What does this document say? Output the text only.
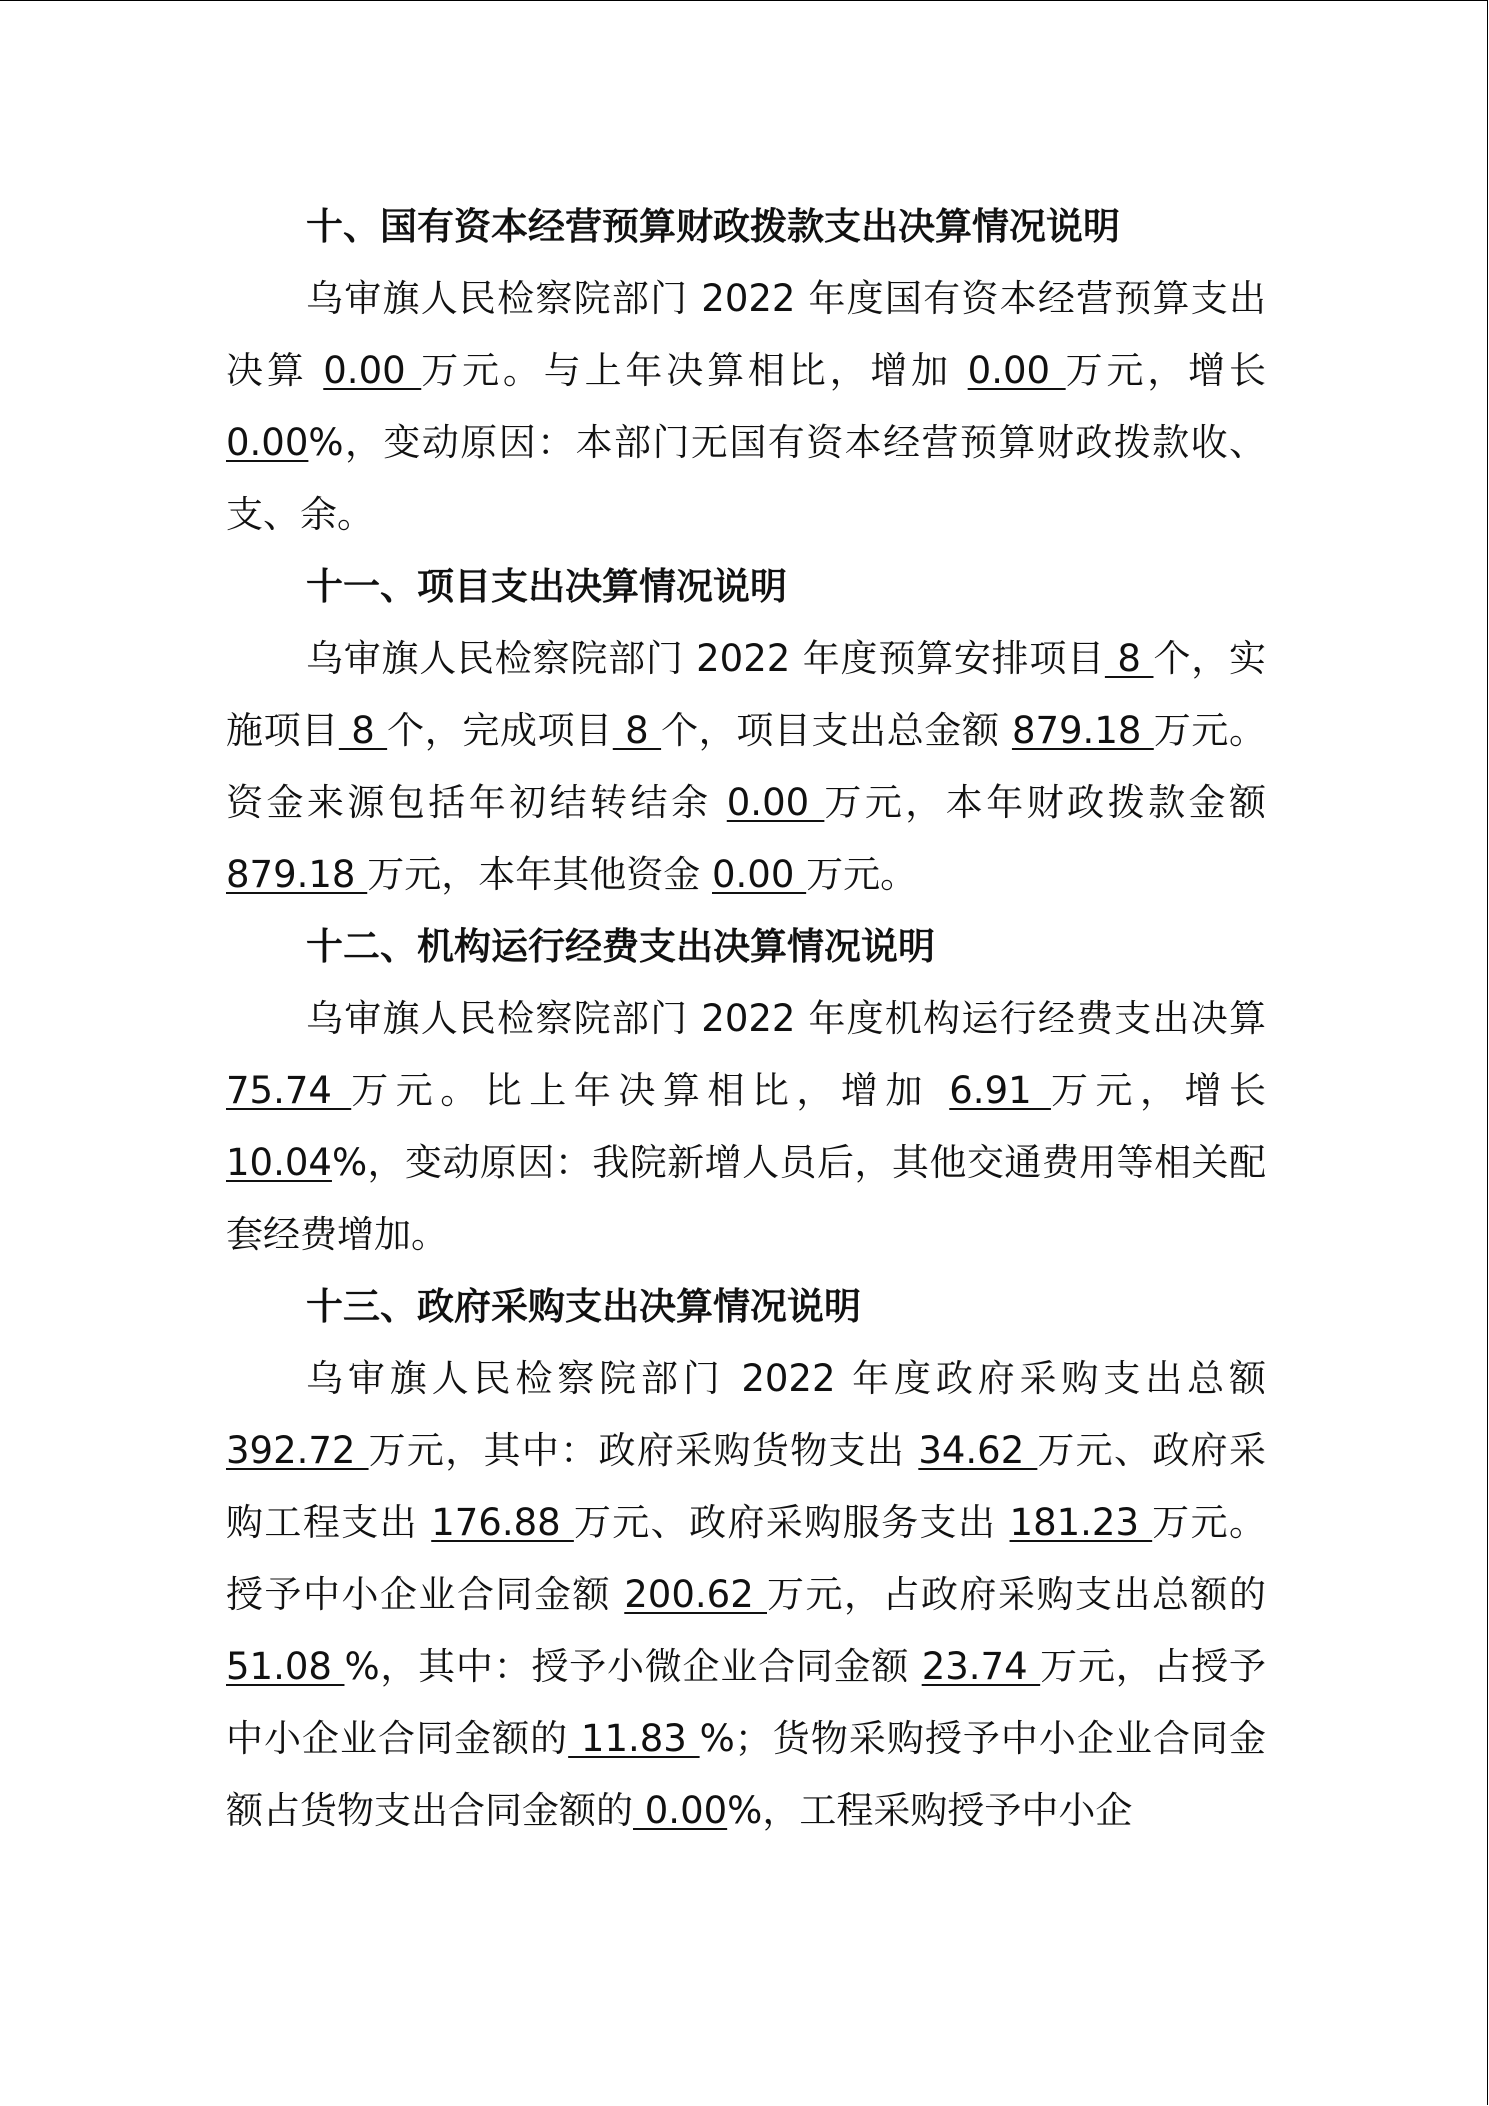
十、国有资本经营预算财政拨款支出决算情况说明

乌审旗人民检察院部门 2022 年度国有资本经营预算支出决算 0.00 万元。与上年决算相比，增加 0.00 万元，增长0.00%，变动原因：本部门无国有资本经营预算财政拨款收、支、余。

十一、项目支出决算情况说明

乌审旗人民检察院部门 2022 年度预算安排项目 8 个，实施项目 8 个，完成项目 8 个，项目支出总金额 879.18 万元。资金来源包括年初结转结余 0.00 万元，本年财政拨款金额879.18 万元，本年其他资金 0.00 万元。

十二、机构运行经费支出决算情况说明

乌审旗人民检察院部门 2022 年度机构运行经费支出决算 75.74 万元。比上年决算相比，增加 6.91 万元，增长 10.04%，变动原因：我院新增人员后，其他交通费用等相关配套经费增加。

十三、政府采购支出决算情况说明

乌审旗人民检察院部门 2022 年度政府采购支出总额392.72 万元，其中：政府采购货物支出 34.62 万元、政府采购工程支出 176.88 万元、政府采购服务支出 181.23 万元。授予中小企业合同金额 200.62 万元，占政府采购支出总额的 51.08 %，其中：授予小微企业合同金额 23.74 万元，占授予中小企业合同金额的 11.83 %；货物采购授予中小企业合同金额占货物支出合同金额的 0.00%，工程采购授予中小企
